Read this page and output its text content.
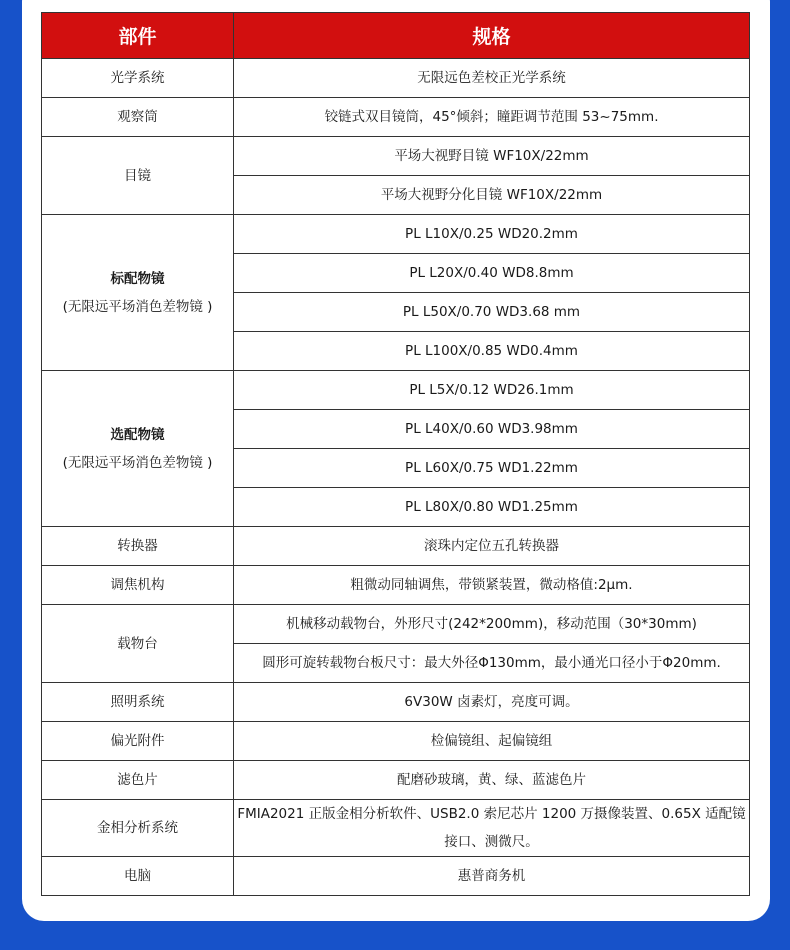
部件	规格
光学系统	无限远色差校正光学系统
观察筒	铰链式双目镜筒，45°倾斜；瞳距调节范围 53~75mm.
目镜	平场大视野目镜 WF10X/22mm
	平场大视野分化目镜 WF10X/22mm

标配物镜
(无限远平场消色差物镜 )	PL L10X/0.25 WD20.2mm
	PL L20X/0.40 WD8.8mm
	PL L50X/0.70 WD3.68 mm
	PL L100X/0.85 WD0.4mm

选配物镜
(无限远平场消色差物镜 )	PL L5X/0.12 WD26.1mm
	PL L40X/0.60 WD3.98mm
	PL L60X/0.75 WD1.22mm
	PL L80X/0.80 WD1.25mm
转换器	滚珠内定位五孔转换器
调焦机构	粗微动同轴调焦，带锁紧装置，微动格值:2μm.
载物台	机械移动载物台，外形尺寸(242*200mm)，移动范围（30*30mm)
	圆形可旋转载物台板尺寸：最大外径Φ130mm，最小通光口径小于Φ20mm.
照明系统	6V30W 卤素灯，亮度可调。
偏光附件	检偏镜组、起偏镜组
滤色片	配磨砂玻璃，黄、绿、蓝滤色片
金相分析系统	FMIA2021 正版金相分析软件、USB2.0 索尼芯片 1200 万摄像装置、0.65X 适配镜接口、测微尺。
电脑	惠普商务机
